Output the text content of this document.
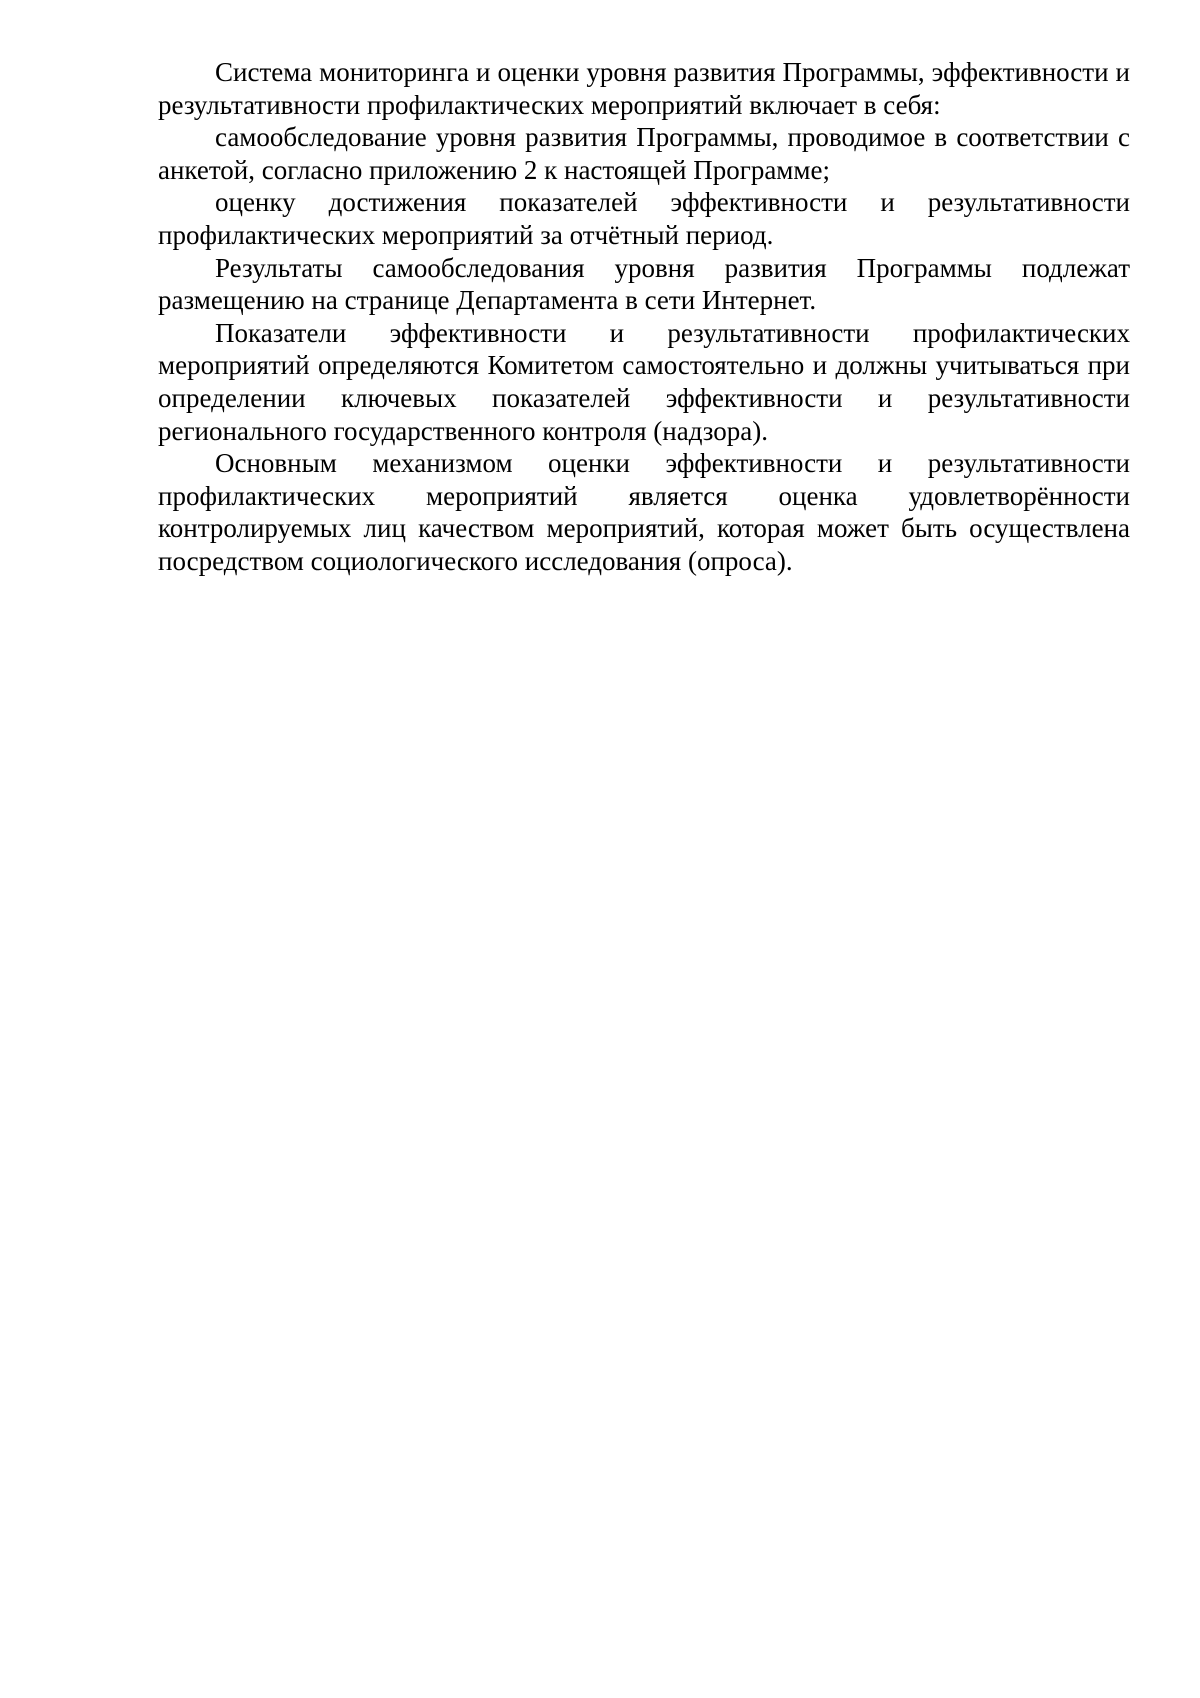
Система мониторинга и оценки уровня развития Программы, эффективности и результативности профилактических мероприятий включает в себя:

самообследование уровня развития Программы, проводимое в соответствии с анкетой, согласно приложению 2 к настоящей Программе;

оценку достижения показателей эффективности и результативности профилактических мероприятий за отчётный период.

Результаты самообследования уровня развития Программы подлежат размещению на странице Департамента в сети Интернет.

Показатели эффективности и результативности профилактических мероприятий определяются Комитетом самостоятельно и должны учитываться при определении ключевых показателей эффективности и результативности регионального государственного контроля (надзора).

Основным механизмом оценки эффективности и результативности профилактических мероприятий является оценка удовлетворённости контролируемых лиц качеством мероприятий, которая может быть осуществлена посредством социологического исследования (опроса).
